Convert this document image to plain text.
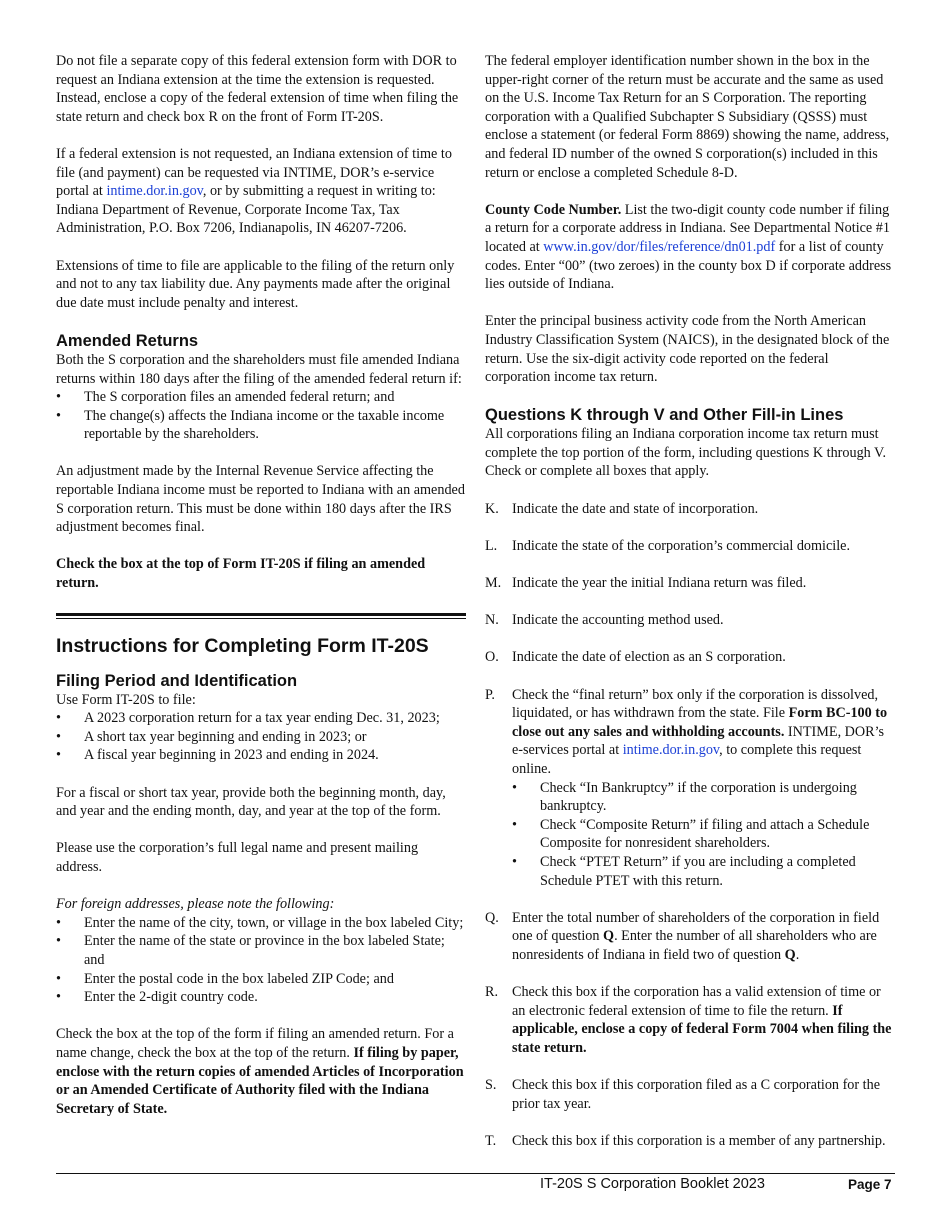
Do not file a separate copy of this federal extension form with DOR to request an Indiana extension at the time the extension is requested. Instead, enclose a copy of the federal extension of time when filing the state return and check box R on the front of Form IT-20S.

If a federal extension is not requested, an Indiana extension of time to file (and payment) can be requested via INTIME, DOR’s e-service portal at intime.dor.in.gov, or by submitting a request in writing to: Indiana Department of Revenue, Corporate Income Tax, Tax Administration, P.O. Box 7206, Indianapolis, IN 46207-7206.

Extensions of time to file are applicable to the filing of the return only and not to any tax liability due. Any payments made after the original due date must include penalty and interest.

Amended Returns

Both the S corporation and the shareholders must file amended Indiana returns within 180 days after the filing of the amended federal return if:

• The S corporation files an amended federal return; and
• The change(s) affects the Indiana income or the taxable income reportable by the shareholders.

An adjustment made by the Internal Revenue Service affecting the reportable Indiana income must be reported to Indiana with an amended S corporation return. This must be done within 180 days after the IRS adjustment becomes final.

Check the box at the top of Form IT-20S if filing an amended return.

Instructions for Completing Form IT-20S
Filing Period and Identification

Use Form IT-20S to file:

• A 2023 corporation return for a tax year ending Dec. 31, 2023;
• A short tax year beginning and ending in 2023; or
• A fiscal year beginning in 2023 and ending in 2024.

For a fiscal or short tax year, provide both the beginning month, day, and year and the ending month, day, and year at the top of the form.

Please use the corporation’s full legal name and present mailing address.

For foreign addresses, please note the following:

• Enter the name of the city, town, or village in the box labeled City;
• Enter the name of the state or province in the box labeled State; and
• Enter the postal code in the box labeled ZIP Code; and
• Enter the 2-digit country code.

Check the box at the top of the form if filing an amended return. For a name change, check the box at the top of the return. If filing by paper, enclose with the return copies of amended Articles of Incorporation or an Amended Certificate of Authority filed with the Indiana Secretary of State.

The federal employer identification number shown in the box in the upper-right corner of the return must be accurate and the same as used on the U.S. Income Tax Return for an S Corporation. The reporting corporation with a Qualified Subchapter S Subsidiary (QSSS) must enclose a statement (or federal Form 8869) showing the name, address, and federal ID number of the owned S corporation(s) included in this return or enclose a completed Schedule 8-D.

County Code Number. List the two-digit county code number if filing a return for a corporate address in Indiana. See Departmental Notice #1 located at www.in.gov/dor/files/reference/dn01.pdf for a list of county codes. Enter “00” (two zeroes) in the county box D if corporate address lies outside of Indiana.

Enter the principal business activity code from the North American Industry Classification System (NAICS), in the designated block of the return. Use the six-digit activity code reported on the federal corporation income tax return.

Questions K through V and Other Fill-in Lines

All corporations filing an Indiana corporation income tax return must complete the top portion of the form, including questions K through V. Check or complete all boxes that apply.

K. Indicate the date and state of incorporation.
L. Indicate the state of the corporation’s commercial domicile.
M. Indicate the year the initial Indiana return was filed.
N. Indicate the accounting method used.
O. Indicate the date of election as an S corporation.
P. Check the “final return” box only if the corporation is dissolved, liquidated, or has withdrawn from the state. File Form BC-100 to close out any sales and withholding accounts. INTIME, DOR’s e-services portal at intime.dor.in.gov, to complete this request online.
• Check “In Bankruptcy” if the corporation is undergoing bankruptcy.
• Check “Composite Return” if filing and attach a Schedule Composite for nonresident shareholders.
• Check “PTET Return” if you are including a completed Schedule PTET with this return.
Q. Enter the total number of shareholders of the corporation in field one of question Q. Enter the number of all shareholders who are nonresidents of Indiana in field two of question Q.
R. Check this box if the corporation has a valid extension of time or an electronic federal extension of time to file the return. If applicable, enclose a copy of federal Form 7004 when filing the state return.
S. Check this box if this corporation filed as a C corporation for the prior tax year.
T. Check this box if this corporation is a member of any partnership.
IT-20S S Corporation Booklet 2023	Page 7
